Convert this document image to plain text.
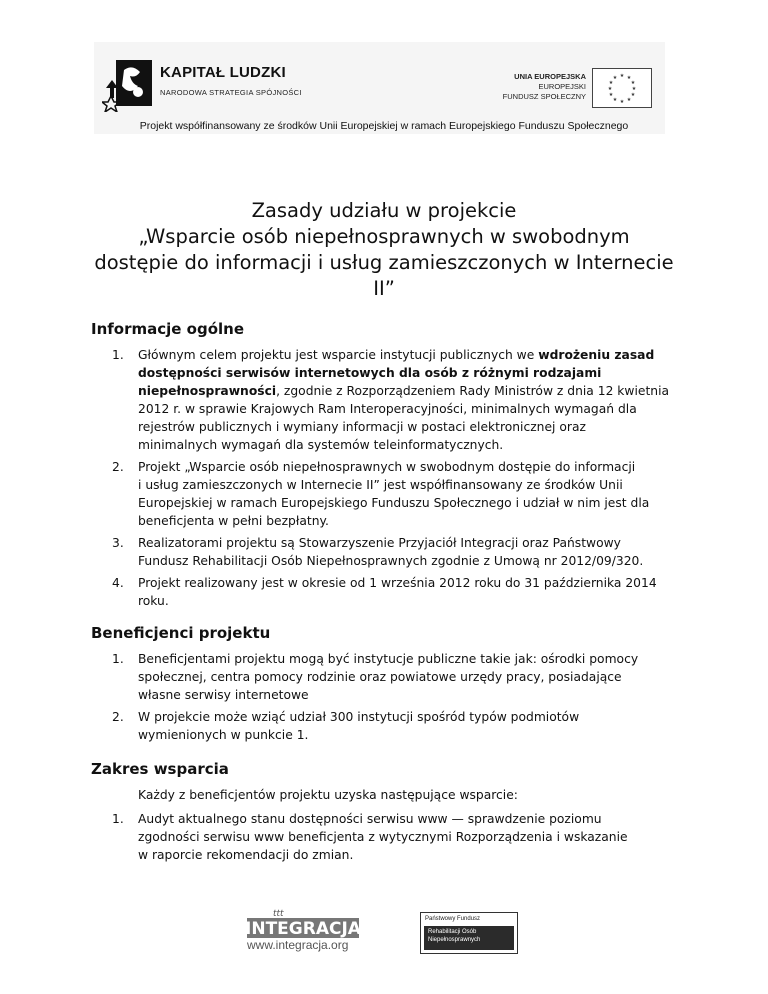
KAPITAŁ LUDZKI
NARODOWA STRATEGIA SPÓJNOŚCI
UNIA EUROPEJSKA
EUROPEJSKI
FUNDUSZ SPOŁECZNY
★ ★
★
★
★
★
★
★
★
★
★
★
Projekt współfinansowany ze środków Unii Europejskiej w ramach Europejskiego Funduszu Społecznego
Zasady udziału w projekcie
„Wsparcie osób niepełnosprawnych w swobodnym
dostępie do informacji i usług zamieszczonych w Internecie
II”
Informacje ogólne
1. Głównym celem projektu jest wsparcie instytucji publicznych we wdrożeniu zasad
dostępności serwisów internetowych dla osób z różnymi rodzajami
niepełnosprawności, zgodnie z Rozporządzeniem Rady Ministrów z dnia 12 kwietnia
2012 r. w sprawie Krajowych Ram Interoperacyjności, minimalnych wymagań dla
rejestrów publicznych i wymiany informacji w postaci elektronicznej oraz
minimalnych wymagań dla systemów teleinformatycznych.
2. Projekt „Wsparcie osób niepełnosprawnych w swobodnym dostępie do informacji
i usług zamieszczonych w Internecie II” jest współfinansowany ze środków Unii
Europejskiej w ramach Europejskiego Funduszu Społecznego i udział w nim jest dla
beneficjenta w pełni bezpłatny.
3. Realizatorami projektu są Stowarzyszenie Przyjaciół Integracji oraz Państwowy
Fundusz Rehabilitacji Osób Niepełnosprawnych zgodnie z Umową nr 2012/09/320.
4. Projekt realizowany jest w okresie od 1 września 2012 roku do 31 października 2014
roku.
Beneficjenci projektu
1. Beneficjentami projektu mogą być instytucje publiczne takie jak: ośrodki pomocy
społecznej, centra pomocy rodzinie oraz powiatowe urzędy pracy, posiadające
własne serwisy internetowe
2. W projekcie może wziąć udział 300 instytucji spośród typów podmiotów
wymienionych w punkcie 1.
Zakres wsparcia
Każdy z beneficjentów projektu uzyska następujące wsparcie:
1. Audyt aktualnego stanu dostępności serwisu www — sprawdzenie poziomu
zgodności serwisu www beneficjenta z wytycznymi Rozporządzenia i wskazanie
w raporcie rekomendacji do zmian.
INTEGRACJA
ttt
www.integracja.org
Państwowy Fundusz
Rehabilitacji Osób
Niepełnosprawnych
